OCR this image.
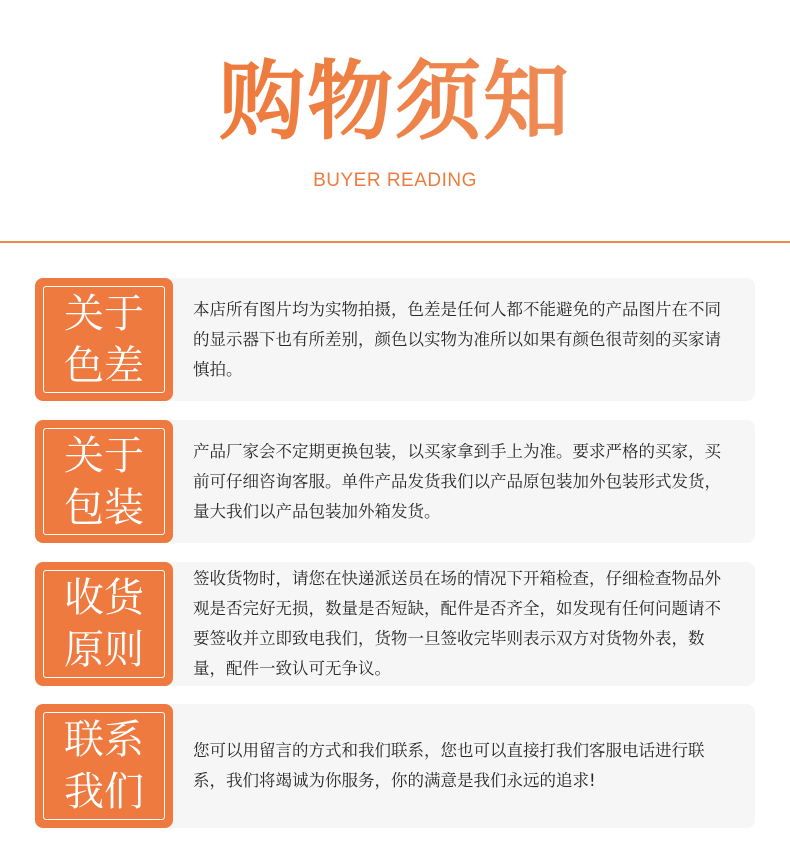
购物须知
BUYER READING
关于
色差
本店所有图片均为实物拍摄，色差是任何人都不能避免的产品图片在不同的显示器下也有所差别，颜色以实物为准所以如果有颜色很苛刻的买家请慎拍。
关于
包装
产品厂家会不定期更换包装，以买家拿到手上为准。要求严格的买家，买前可仔细咨询客服。单件产品发货我们以产品原包装加外包装形式发货，量大我们以产品包装加外箱发货。
收货
原则
签收货物时，请您在快递派送员在场的情况下开箱检查，仔细检查物品外观是否完好无损，数量是否短缺，配件是否齐全，如发现有任何问题请不要签收并立即致电我们，货物一旦签收完毕则表示双方对货物外表，数量，配件一致认可无争议。
联系
我们
您可以用留言的方式和我们联系，您也可以直接打我们客服电话进行联系，我们将竭诚为你服务，你的满意是我们永远的追求!
